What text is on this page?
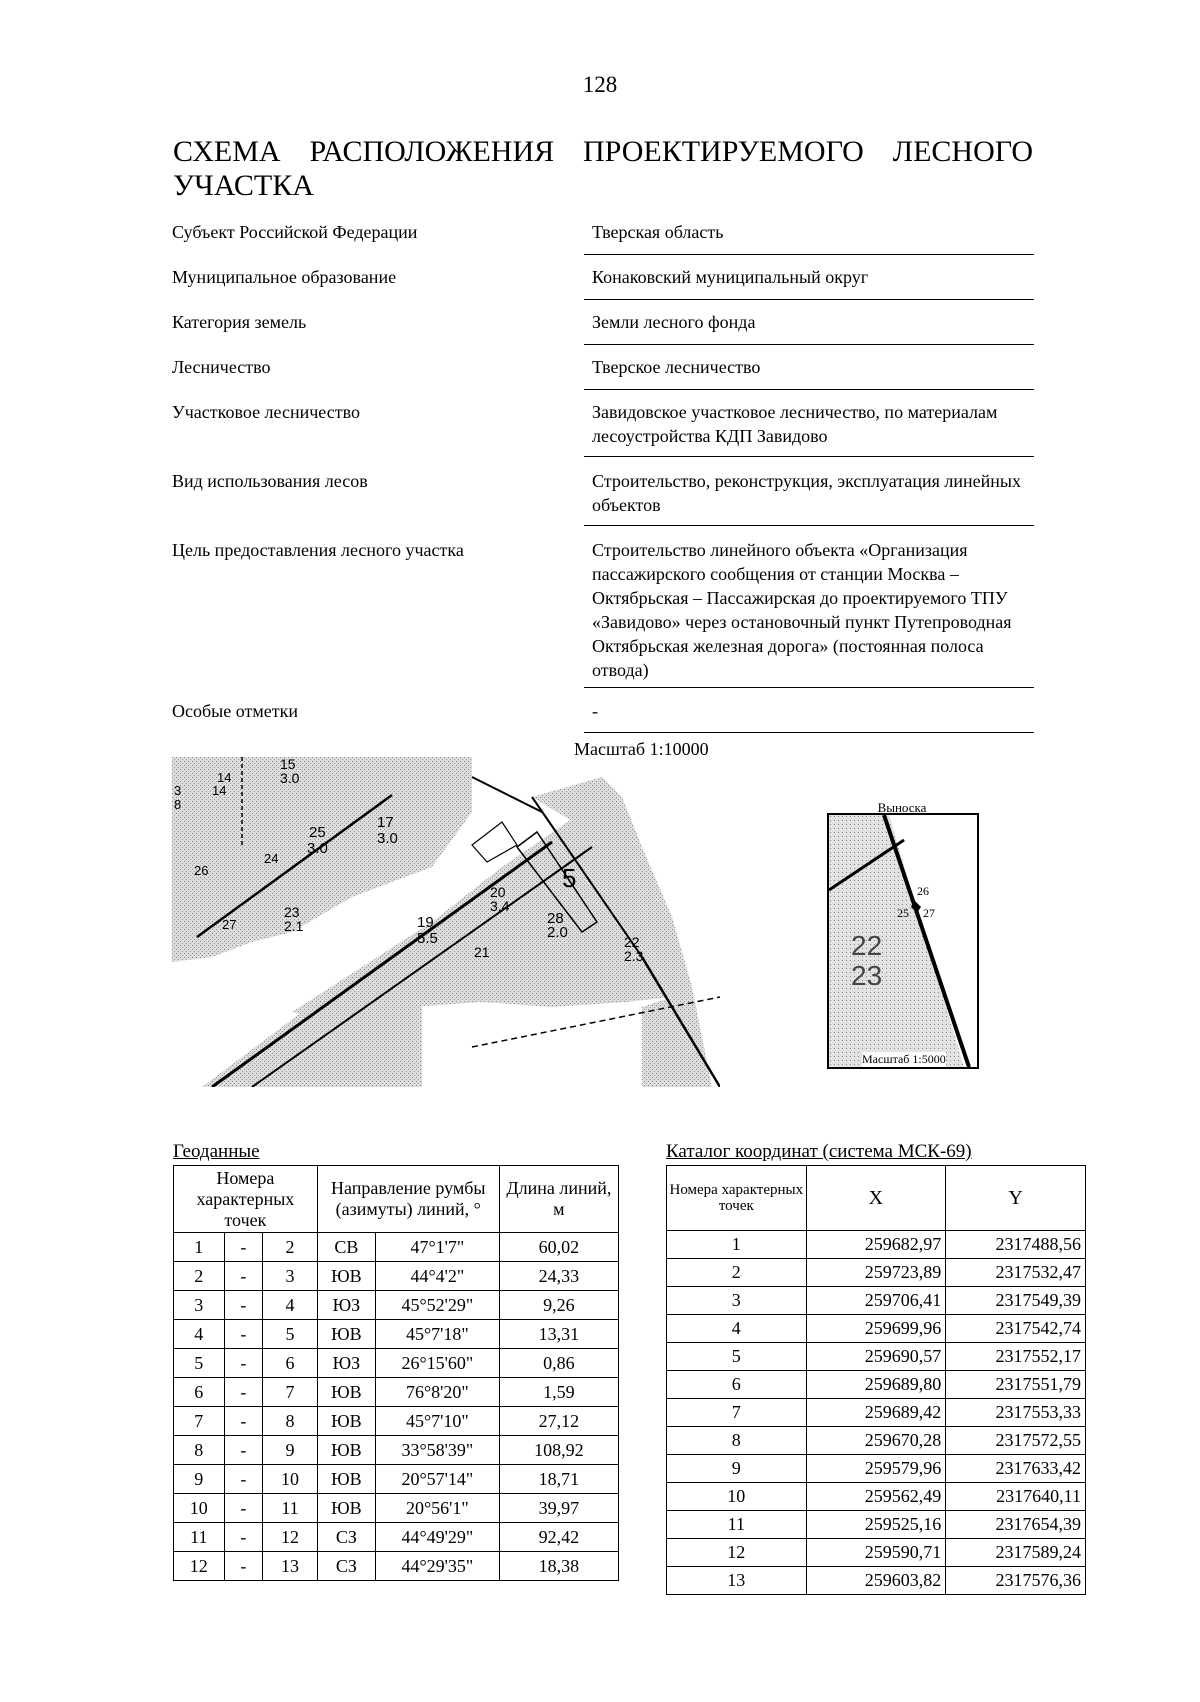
128
СХЕМА РАСПОЛОЖЕНИЯ ПРОЕКТИРУЕМОГО ЛЕСНОГО
УЧАСТКА
Субъект Российской Федерации	Тверская область
Муниципальное образование	Конаковский муниципальный округ
Категория земель	Земли лесного фонда
Лесничество	Тверское лесничество
Участковое лесничество	Завидовское участковое лесничество, по материалам лесоустройства КДП Завидово
Вид использования лесов	Строительство, реконструкция, эксплуатация линейных объектов
Цель предоставления лесного участка	Строительство линейного объекта «Организация пассажирского сообщения от станции Москва – Октябрьская – Пассажирская до проектируемого ТПУ «Завидово» через остановочный пункт Путепроводная Октябрьская железная дорога» (постоянная полоса отвода)
Особые отметки	-
Масштаб 1:10000
14
14
15
3.0
3
8
25
3.0
17
3.0
24
26
27
23
2.1	19
5.5
21
20
3.4
28
2.0
22
2.3
5
Выноска
26
25 27
22
23
Масштаб 1:5000
Геоданные	Каталог координат (система МСК-69)
Номера характерных точек			Направление румбы (азимуты) линий, °		Длина линий, м
1	-	2	СВ	47°1'7"	60,02
2	-	3	ЮВ	44°4'2"	24,33
3	-	4	ЮЗ	45°52'29"	9,26
4	-	5	ЮВ	45°7'18"	13,31
5	-	6	ЮЗ	26°15'60"	0,86
6	-	7	ЮВ	76°8'20"	1,59
7	-	8	ЮВ	45°7'10"	27,12
8	-	9	ЮВ	33°58'39"	108,92
9	-	10	ЮВ	20°57'14"	18,71
10	-	11	ЮВ	20°56'1"	39,97
11	-	12	СЗ	44°49'29"	92,42
12	-	13	СЗ	44°29'35"	18,38
Номера характерных точек	X	Y
1	259682,97	2317488,56
2	259723,89	2317532,47
3	259706,41	2317549,39
4	259699,96	2317542,74
5	259690,57	2317552,17
6	259689,80	2317551,79
7	259689,42	2317553,33
8	259670,28	2317572,55
9	259579,96	2317633,42
10	259562,49	2317640,11
11	259525,16	2317654,39
12	259590,71	2317589,24
13	259603,82	2317576,36
